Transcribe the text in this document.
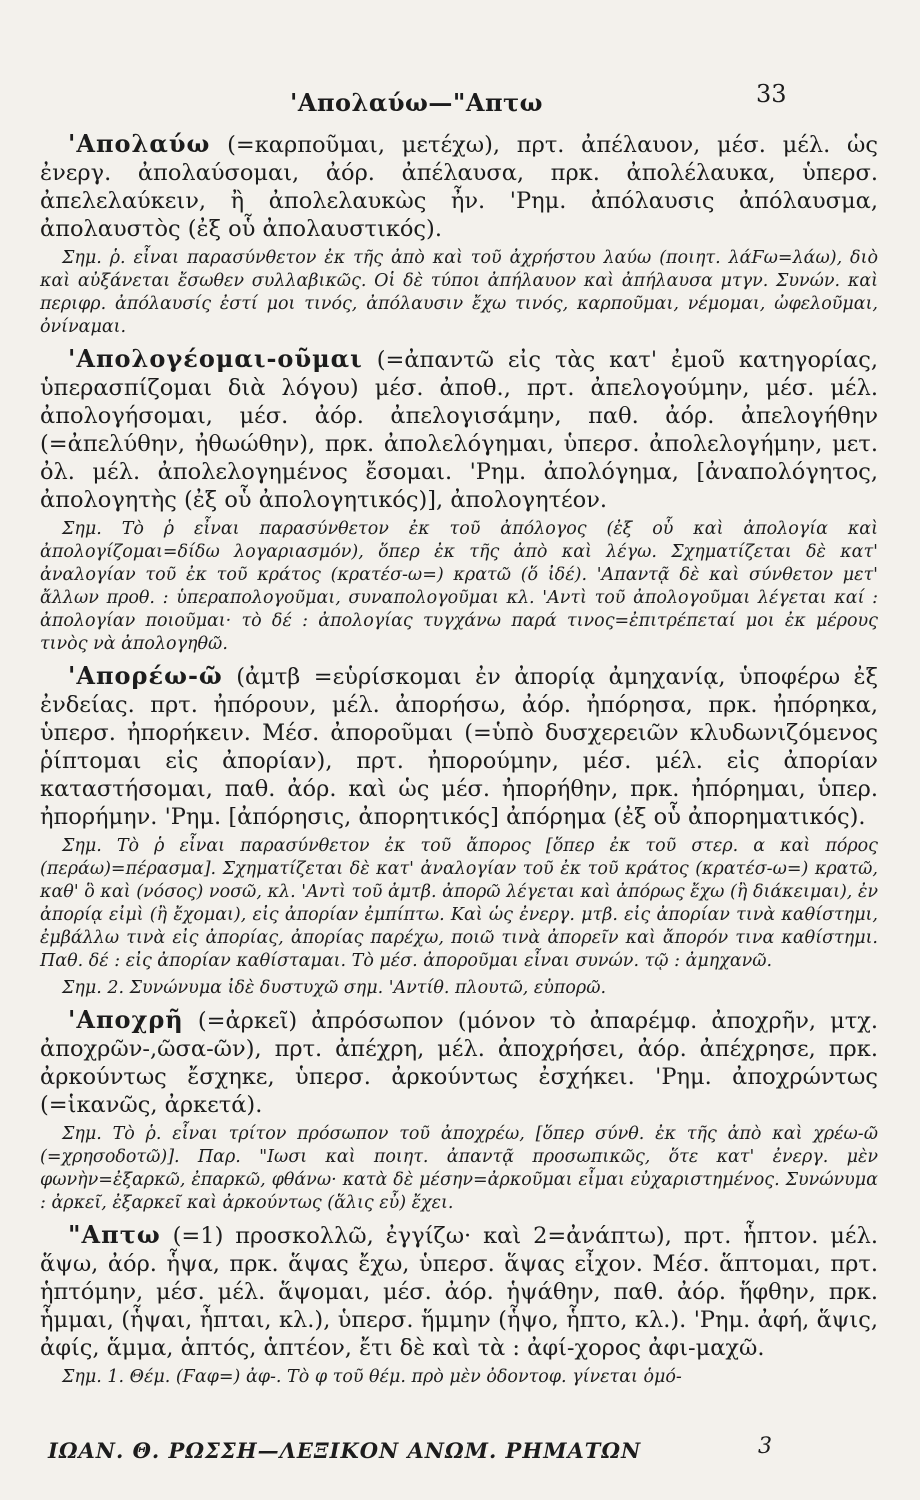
'Απολαύω—"Απτω	33

'Απολαύω (=καρποῦμαι, μετέχω), πρτ. ἀπέλαυον, μέσ. μέλ. ὡς ἐνεργ. ἀπολαύσομαι, ἀόρ. ἀπέλαυσα, πρκ. ἀπολέλαυκα, ὑπερσ. ἀπελελαύκειν, ἢ ἀπολελαυκὼς ἦν. 'Ρημ. ἀπόλαυσις ἀπόλαυσμα, ἀπολαυστὸς (ἐξ οὗ ἀπολαυστικός).

Σημ. ῥ. εἶναι παρασύνθετον ἐκ τῆς ἀπὸ καὶ τοῦ ἀχρήστου λαύω (ποιητ. λάϜω=λάω), διὸ καὶ αὐξάνεται ἔσωθεν συλλαβικῶς. Οἱ δὲ τύποι ἀπήλαυον καὶ ἀπήλαυσα μτγν. Συνών. καὶ περιφρ. ἀπόλαυσίς ἐστί μοι τινός, ἀπόλαυσιν ἔχω τινός, καρποῦμαι, νέμομαι, ὠφελοῦμαι, ὀνίναμαι.

'Απολογέομαι-οῦμαι (=ἀπαντῶ εἰς τὰς κατ' ἐμοῦ κατηγορίας, ὑπερασπίζομαι διὰ λόγου) μέσ. ἀποθ., πρτ. ἀπελογούμην, μέσ. μέλ. ἀπολογήσομαι, μέσ. ἀόρ. ἀπελογισάμην, παθ. ἀόρ. ἀπελογήθην (=ἀπελύθην, ἠθωώθην), πρκ. ἀπολελόγημαι, ὑπερσ. ἀπολελογήμην, μετ. ὀλ. μέλ. ἀπολελογημένος ἔσομαι. 'Ρημ. ἀπολόγημα, [ἀναπολόγητος, ἀπολογητὴς (ἐξ οὗ ἀπολογητικός)], ἀπολογητέον.

Σημ. Τὸ ῥ εἶναι παρασύνθετον ἐκ τοῦ ἀπόλογος (ἐξ οὗ καὶ ἀπολογία καὶ ἀπολογίζομαι=δίδω λογαριασμόν), ὅπερ ἐκ τῆς ἀπὸ καὶ λέγω. Σχηματίζεται δὲ κατ' ἀναλογίαν τοῦ ἐκ τοῦ κράτος (κρατέσ-ω=) κρατῶ (ὅ ἰδέ). 'Απαντᾷ δὲ καὶ σύνθετον μετ' ἄλλων προθ. : ὑπεραπολογοῦμαι, συναπολογοῦμαι κλ. 'Αντὶ τοῦ ἀπολογοῦμαι λέγεται καί : ἀπολογίαν ποιοῦμαι· τὸ δέ : ἀπολογίας τυγχάνω παρά τινος=ἐπιτρέπεταί μοι ἐκ μέρους τινὸς νὰ ἀπολογηθῶ.

'Απορέω-ῶ (ἀμτβ =εὑρίσκομαι ἐν ἀπορίᾳ ἀμηχανίᾳ, ὑποφέρω ἐξ ἐνδείας. πρτ. ἠπόρουν, μέλ. ἀπορήσω, ἀόρ. ἠπόρησα, πρκ. ἠπόρηκα, ὑπερσ. ἠπορήκειν. Μέσ. ἀποροῦμαι (=ὑπὸ δυσχερειῶν κλυδωνιζόμενος ῥίπτομαι εἰς ἀπορίαν), πρτ. ἠπορούμην, μέσ. μέλ. εἰς ἀπορίαν καταστήσομαι, παθ. ἀόρ. καὶ ὡς μέσ. ἠπορήθην, πρκ. ἠπόρημαι, ὑπερ. ἠπορήμην. 'Ρημ. [ἀπόρησις, ἀπορητικός] ἀπόρημα (ἐξ οὗ ἀπορηματικός).

Σημ. Τὸ ῥ εἶναι παρασύνθετον ἐκ τοῦ ἄπορος [ὅπερ ἐκ τοῦ στερ. α καὶ πόρος (περάω)=πέρασμα]. Σχηματίζεται δὲ κατ' ἀναλογίαν τοῦ ἐκ τοῦ κράτος (κρατέσ-ω=) κρατῶ, καθ' ὃ καὶ (νόσος) νοσῶ, κλ. 'Αντὶ τοῦ ἀμτβ. ἀπορῶ λέγεται καὶ ἀπόρως ἔχω (ἢ διάκειμαι), ἐν ἀπορίᾳ εἰμὶ (ἢ ἔχομαι), εἰς ἀπορίαν ἐμπίπτω. Καὶ ὡς ἐνεργ. μτβ. εἰς ἀπορίαν τινὰ καθίστημι, ἐμβάλλω τινὰ εἰς ἀπορίας, ἀπορίας παρέχω, ποιῶ τινὰ ἀπορεῖν καὶ ἄπορόν τινα καθίστημι. Παθ. δέ : εἰς ἀπορίαν καθίσταμαι. Τὸ μέσ. ἀποροῦμαι εἶναι συνών. τῷ : ἀμηχανῶ.

Σημ. 2. Συνώνυμα ἰδὲ δυστυχῶ σημ. 'Αντίθ. πλουτῶ, εὐπορῶ.

'Αποχρῆ (=ἀρκεῖ) ἀπρόσωπον (μόνον τὸ ἀπαρέμφ. ἀποχρῆν, μτχ. ἀποχρῶν-,ῶσα-ῶν), πρτ. ἀπέχρη, μέλ. ἀποχρήσει, ἀόρ. ἀπέχρησε, πρκ. ἀρκούντως ἔσχηκε, ὑπερσ. ἀρκούντως ἐσχήκει. 'Ρημ. ἀποχρώντως (=ἱκανῶς, ἀρκετά).

Σημ. Τὸ ῥ. εἶναι τρίτον πρόσωπον τοῦ ἀποχρέω, [ὅπερ σύνθ. ἐκ τῆς ἀπὸ καὶ χρέω-ῶ (=χρησοδοτῶ)]. Παρ. "Ιωσι καὶ ποιητ. ἀπαντᾷ προσωπικῶς, ὅτε κατ' ἐνεργ. μὲν φωνὴν=ἐξαρκῶ, ἐπαρκῶ, φθάνω· κατὰ δὲ μέσην=ἀρκοῦμαι εἶμαι εὐχαριστημένος. Συνώνυμα : ἀρκεῖ, ἐξαρκεῖ καὶ ἀρκούντως (ἅλις εὖ) ἔχει.

"Απτω (=1) προσκολλῶ, ἐγγίζω· καὶ 2=ἀνάπτω), πρτ. ἧπτον. μέλ. ἅψω, ἀόρ. ἧψα, πρκ. ἅψας ἔχω, ὑπερσ. ἅψας εἶχον. Μέσ. ἅπτομαι, πρτ. ἡπτόμην, μέσ. μέλ. ἅψομαι, μέσ. ἀόρ. ἡψάθην, παθ. ἀόρ. ἥφθην, πρκ. ἧμμαι, (ἧψαι, ἧπται, κλ.), ὑπερσ. ἥμμην (ἧψο, ἧπτο, κλ.). 'Ρημ. ἀφή, ἅψις, ἀφίς, ἅμμα, ἁπτός, ἁπτέον, ἔτι δὲ καὶ τὰ : ἀφί-χορος ἀφι-μαχῶ.

Σημ. 1. Θέμ. (Ϝαφ=) ἀφ-. Τὸ φ τοῦ θέμ. πρὸ μὲν ὀδοντοφ. γίνεται ὁμό-

ΙΩΑΝ. Θ. ΡΩΣΣΗ—ΛΕΞΙΚΟΝ ΑΝΩΜ. ΡΗΜΑΤΩΝ	3
